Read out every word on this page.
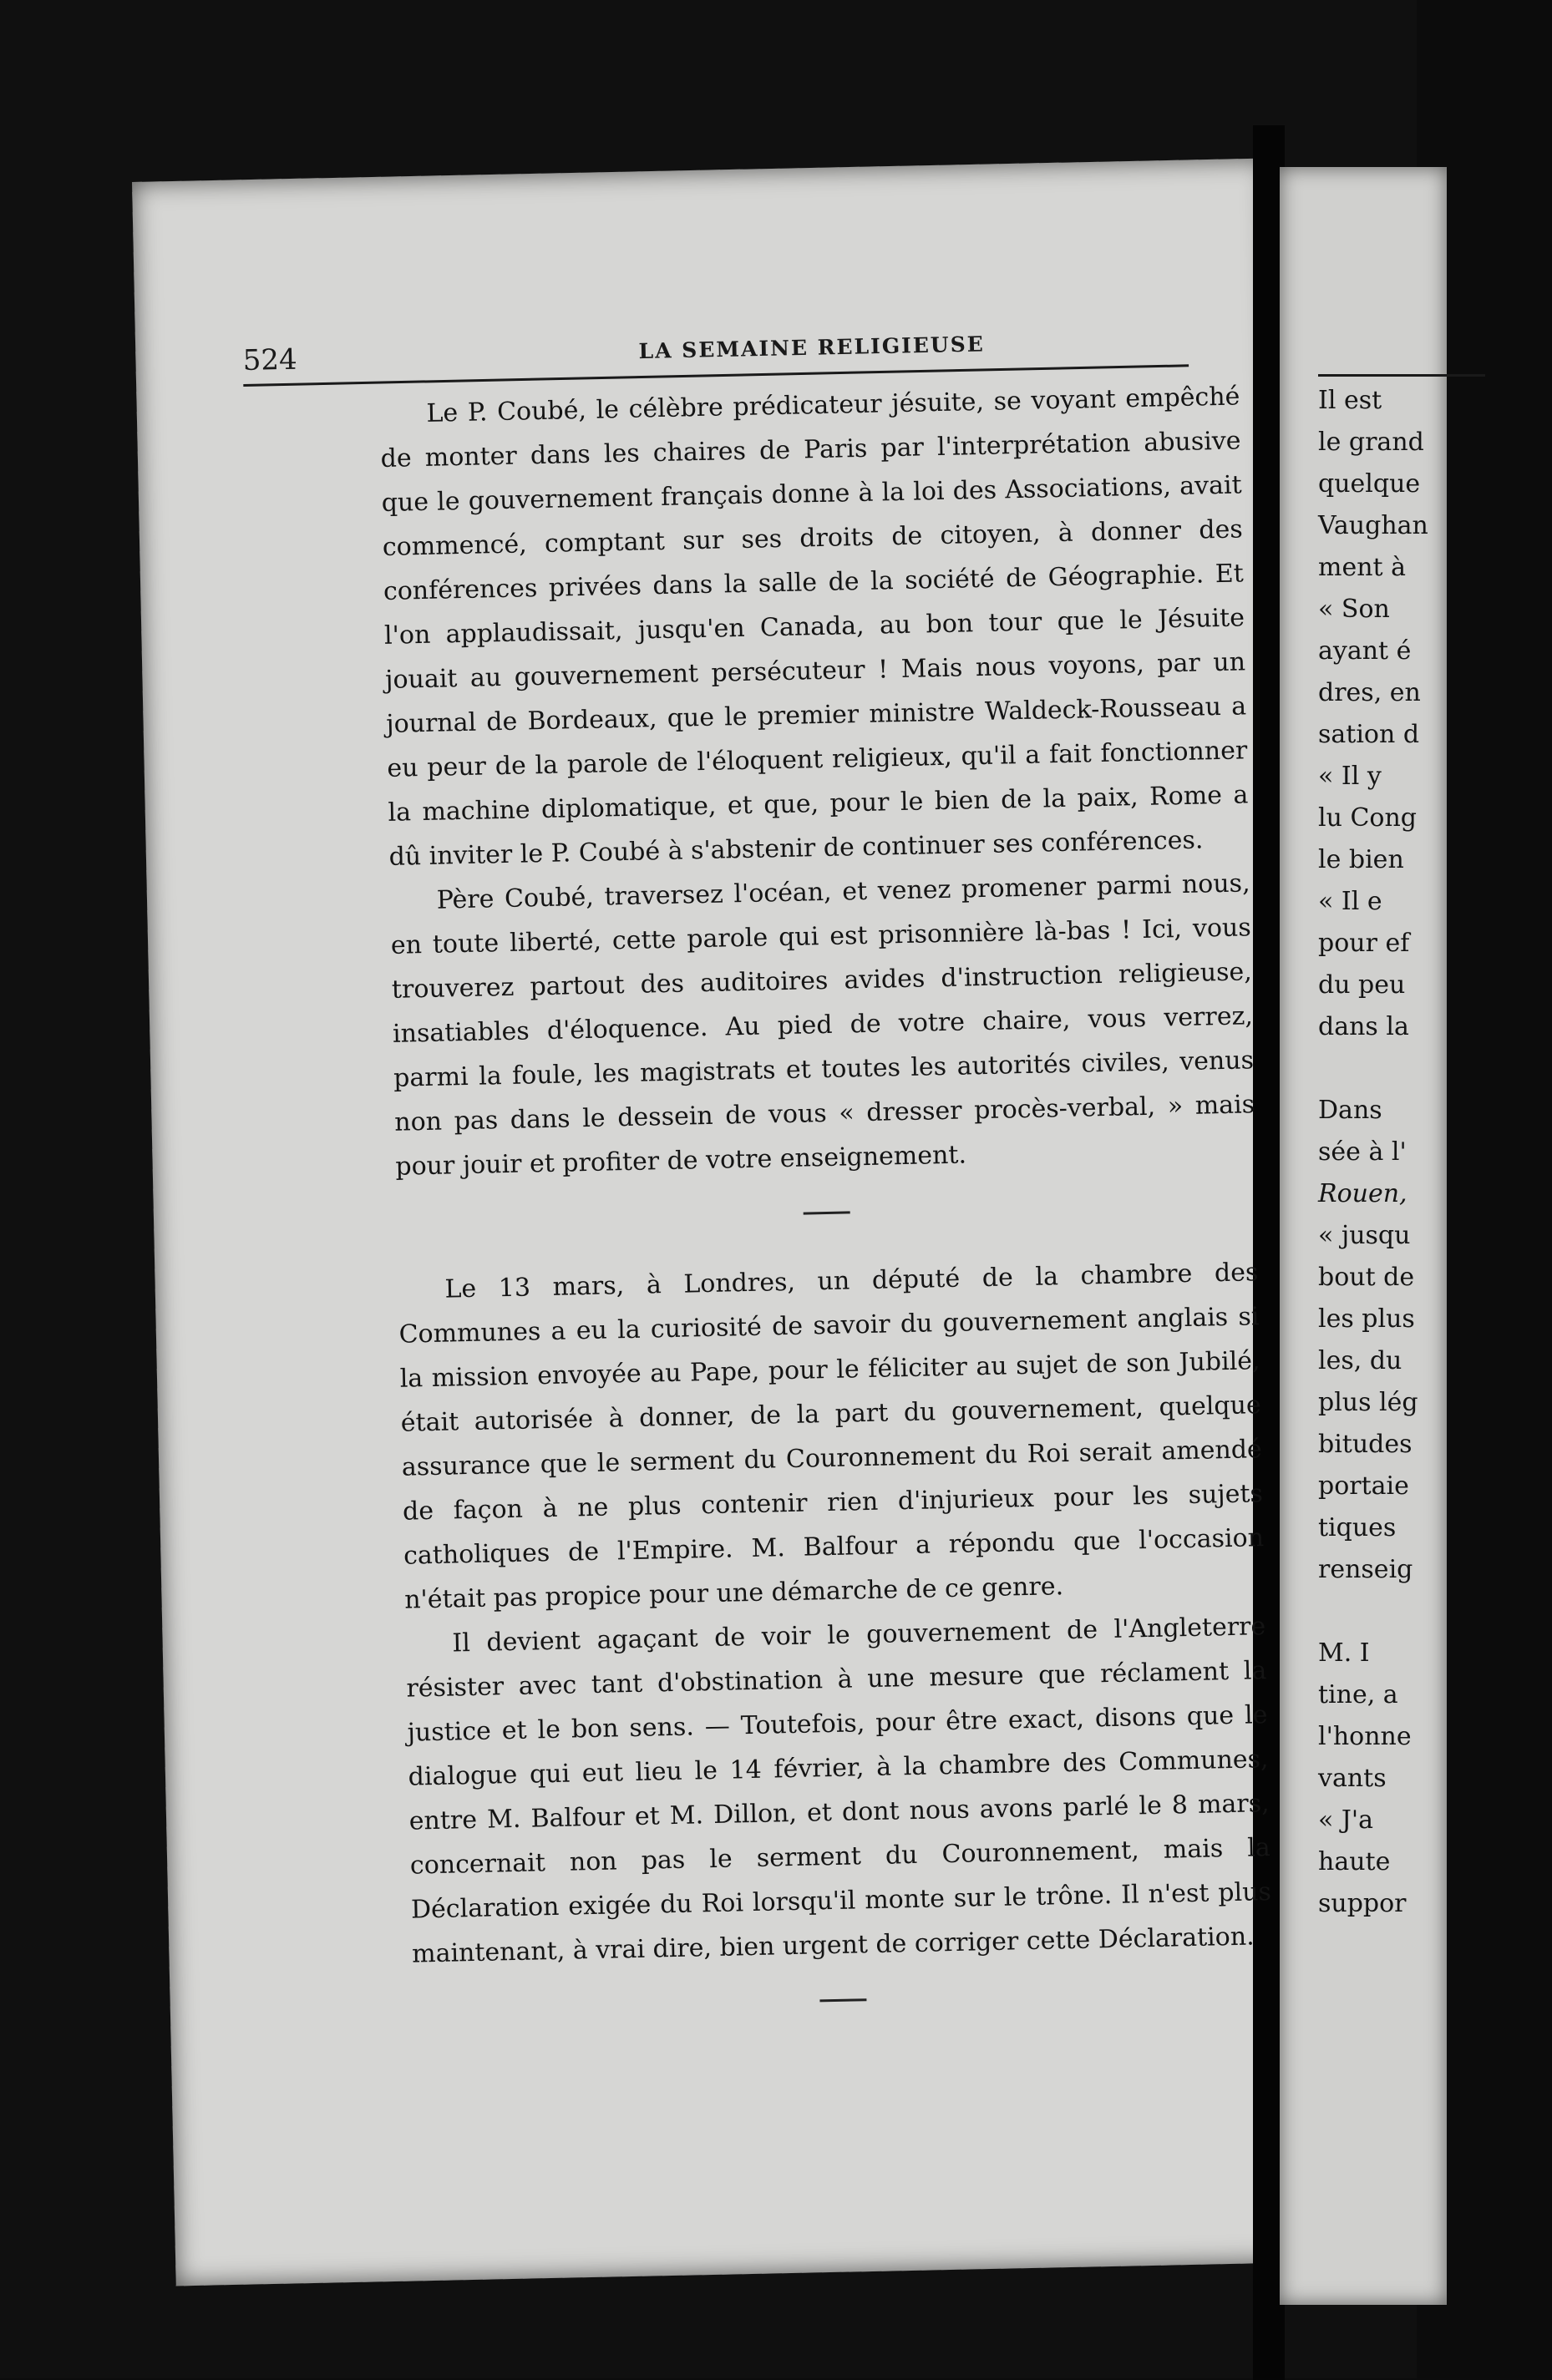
Il est
le grand
quelque
Vaughan
ment à
« Son
ayant é
dres, en
sation d
« Il y
lu Cong
le bien
« Il e
pour ef
du peu
dans la
Dans
sée à l'
Rouen,
« jusqu
bout de
les plus
les, du
plus lég
bitudes
portaie
tiques
renseig
M. I
tine, a
l'honne
vants
« J'a
haute
suppor
524	LA SEMAINE RELIGIEUSE

Le P. Coubé, le célèbre prédicateur jésuite, se voyant empêché de monter dans les chaires de Paris par l'interprétation abusive que le gouvernement français donne à la loi des Associations, avait commencé, comptant sur ses droits de citoyen, à donner des conférences privées dans la salle de la société de Géographie. Et l'on applaudissait, jusqu'en Canada, au bon tour que le Jésuite jouait au gouvernement persécuteur ! Mais nous voyons, par un journal de Bordeaux, que le premier ministre Waldeck-Rousseau a eu peur de la parole de l'éloquent religieux, qu'il a fait fonctionner la machine diplomatique, et que, pour le bien de la paix, Rome a dû inviter le P. Coubé à s'abstenir de continuer ses conférences.

Père Coubé, traversez l'océan, et venez promener parmi nous, en toute liberté, cette parole qui est prisonnière là-bas ! Ici, vous trouverez partout des auditoires avides d'instruction religieuse, insatiables d'éloquence. Au pied de votre chaire, vous verrez, parmi la foule, les magistrats et toutes les autorités civiles, venus non pas dans le dessein de vous « dresser procès-verbal, » mais pour jouir et profiter de votre enseignement.

Le 13 mars, à Londres, un député de la chambre des Communes a eu la curiosité de savoir du gouvernement anglais si la mission envoyée au Pape, pour le féliciter au sujet de son Jubilé, était autorisée à donner, de la part du gouvernement, quelque assurance que le serment du Couronnement du Roi serait amendé de façon à ne plus contenir rien d'injurieux pour les sujets catholiques de l'Empire. M. Balfour a répondu que l'occasion n'était pas propice pour une démarche de ce genre.

Il devient agaçant de voir le gouvernement de l'Angleterre résister avec tant d'obstination à une mesure que réclament la justice et le bon sens. — Toutefois, pour être exact, disons que le dialogue qui eut lieu le 14 février, à la chambre des Communes, entre M. Balfour et M. Dillon, et dont nous avons parlé le 8 mars, concernait non pas le serment du Couronnement, mais la Déclaration exigée du Roi lorsqu'il monte sur le trône. Il n'est plus maintenant, à vrai dire, bien urgent de corriger cette Déclaration.
